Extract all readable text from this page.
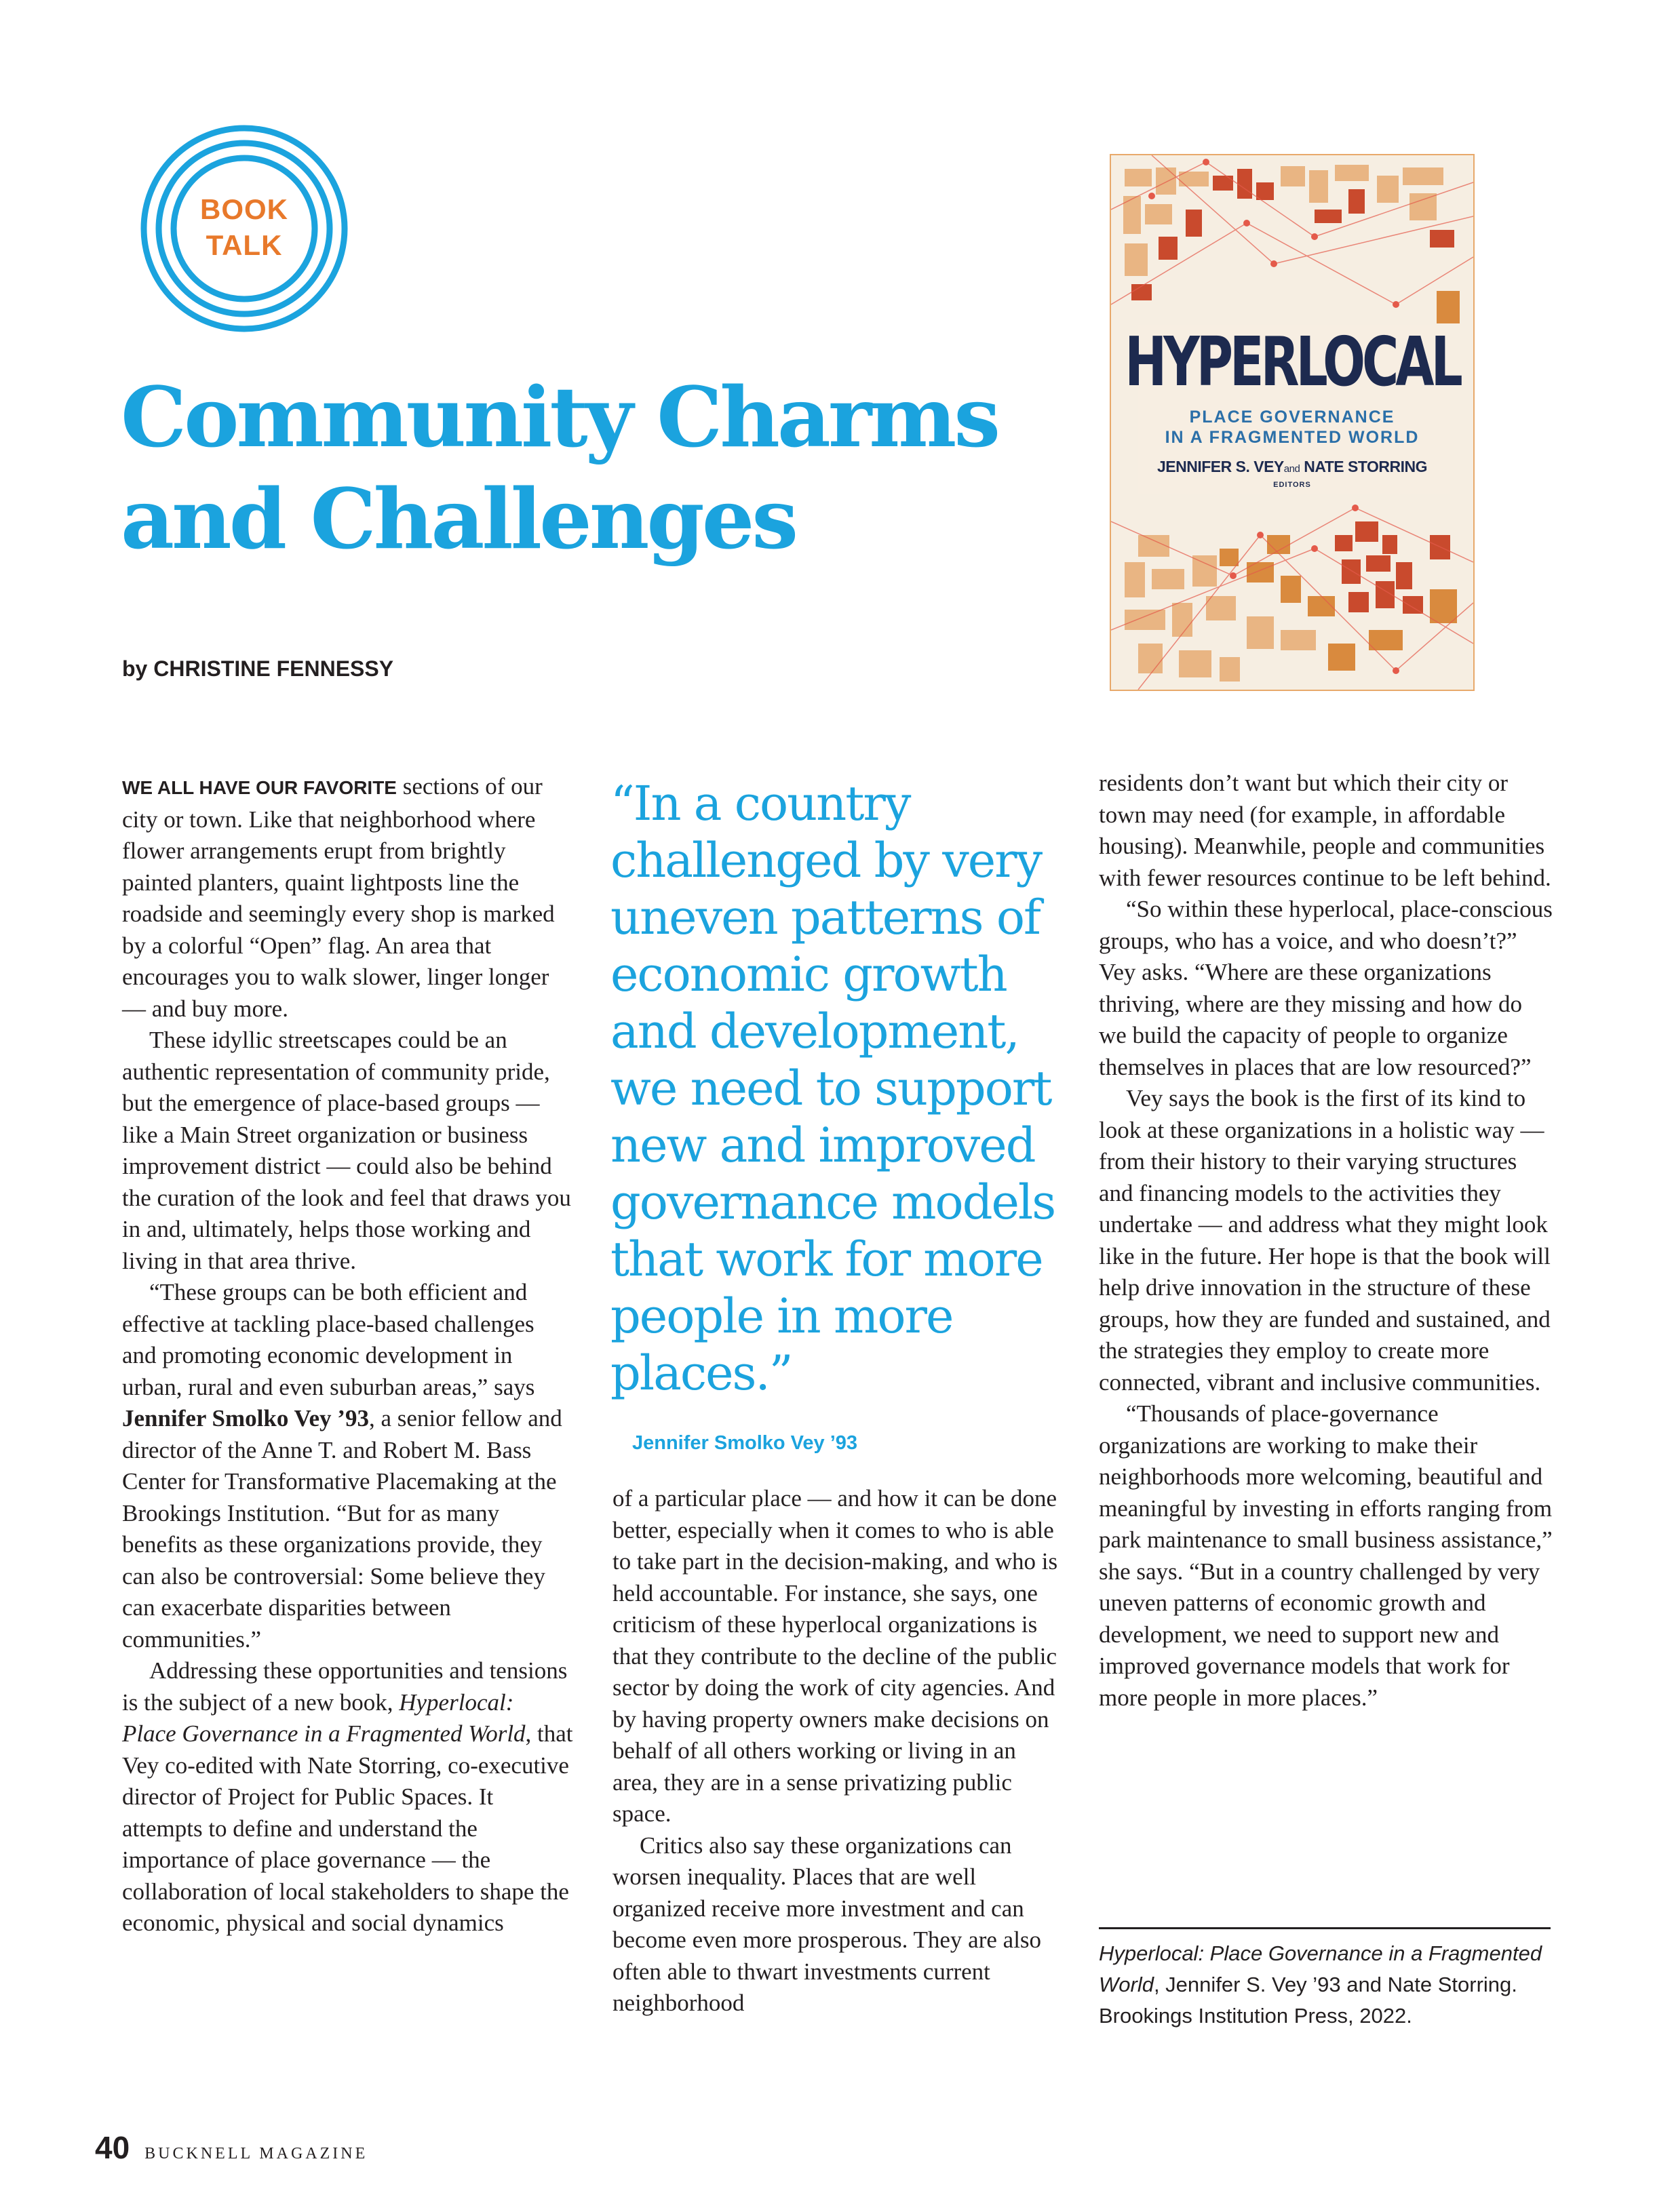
BOOK
TALK
Community Charms
and Challenges
by CHRISTINE FENNESSY
HYPERLOCAL
PLACE GOVERNANCE
IN A FRAGMENTED WORLD
JENNIFER S. VEYand NATE STORRING
EDITORS

WE ALL HAVE OUR FAVORITE sections of our city or town. Like that neighborhood where flower arrangements erupt from brightly painted planters, quaint lightposts line the roadside and seemingly every shop is marked by a colorful “Open” flag. An area that encourages you to walk slower, linger longer — and buy more.

These idyllic streetscapes could be an authentic representation of community pride, but the emergence of place-based groups — like a Main Street organization or business improvement district — could also be behind the curation of the look and feel that draws you in and, ultimately, helps those working and living in that area thrive.

“These groups can be both efficient and effective at tackling place-based challenges and promoting economic development in urban, rural and even suburban areas,” says Jennifer Smolko Vey ’93, a senior fellow and director of the Anne T. and Robert M. Bass Center for Transformative Placemaking at the Brookings Institution. “But for as many benefits as these organizations provide, they can also be controversial: Some believe they can exacerbate disparities between communities.”

Addressing these opportunities and tensions is the subject of a new book, Hyperlocal: Place Governance in a Fragmented World, that Vey co-edited with Nate Storring, co-executive director of Project for Public Spaces. It attempts to define and understand the importance of place governance — the collaboration of local stakeholders to shape the economic, physical and social dynamics

“In a country challenged by very uneven patterns of economic growth and development, we need to support new and improved governance models that work for more people in more places.”
Jennifer Smolko Vey ’93

of a particular place — and how it can be done better, especially when it comes to who is able to take part in the decision-making, and who is held accountable. For instance, she says, one criticism of these hyperlocal organizations is that they contribute to the decline of the public sector by doing the work of city agencies. And by having property owners make decisions on behalf of all others working or living in an area, they are in a sense privatizing public space.

Critics also say these organizations can worsen inequality. Places that are well organized receive more investment and can become even more prosperous. They are also often able to thwart investments current neighborhood

residents don’t want but which their city or town may need (for example, in affordable housing). Meanwhile, people and communities with fewer resources continue to be left behind.

“So within these hyperlocal, place-conscious groups, who has a voice, and who doesn’t?” Vey asks. “Where are these organizations thriving, where are they missing and how do we build the capacity of people to organize themselves in places that are low resourced?”

Vey says the book is the first of its kind to look at these organizations in a holistic way — from their history to their varying structures and financing models to the activities they undertake — and address what they might look like in the future. Her hope is that the book will help drive innovation in the structure of these groups, how they are funded and sustained, and the strategies they employ to create more connected, vibrant and inclusive communities.

“Thousands of place-governance organizations are working to make their neighborhoods more welcoming, beautiful and meaningful by investing in efforts ranging from park maintenance to small business assistance,” she says. “But in a country challenged by very uneven patterns of economic growth and development, we need to support new and improved governance models that work for more people in more places.”

Hyperlocal: Place Governance in a Fragmented World, Jennifer S. Vey ’93 and Nate Storring. Brookings Institution Press, 2022.
40 BUCKNELL MAGAZINE
